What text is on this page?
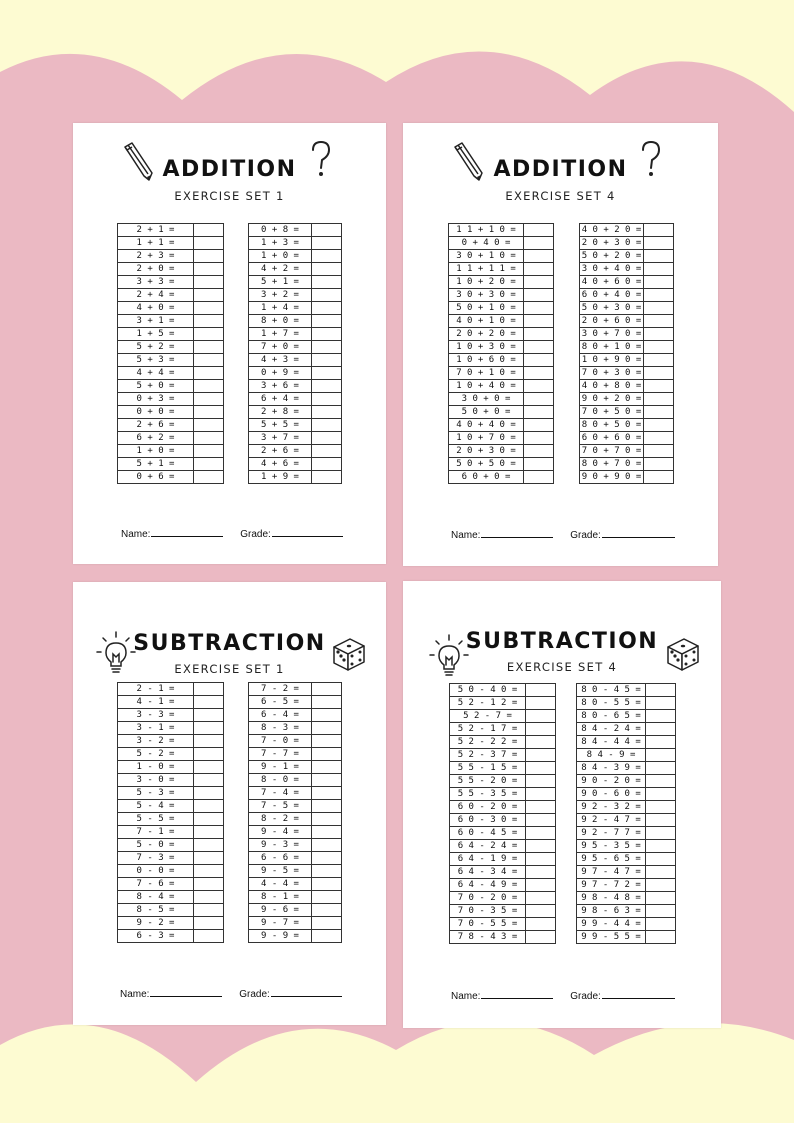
ADDITION
EXERCISE SET 1
2 + 1 =	
1 + 1 =	
2 + 3 =	
2 + 0 =	
3 + 3 =	
2 + 4 =	
4 + 0 =	
3 + 1 =	
1 + 5 =	
5 + 2 =	
5 + 3 =	
4 + 4 =	
5 + 0 =	
0 + 3 =	
0 + 0 =	
2 + 6 =	
6 + 2 =	
1 + 0 =	
5 + 1 =	
0 + 6 =	
0 + 8 =	
1 + 3 =	
1 + 0 =	
4 + 2 =	
5 + 1 =	
3 + 2 =	
1 + 4 =	
8 + 0 =	
1 + 7 =	
7 + 0 =	
4 + 3 =	
0 + 9 =	
3 + 6 =	
6 + 4 =	
2 + 8 =	
5 + 5 =	
3 + 7 =	
2 + 6 =	
4 + 6 =	
1 + 9 =	
Name:	Grade:
ADDITION
EXERCISE SET 4
1 1 + 1 0 =	
0 + 4 0 =	
3 0 + 1 0 =	
1 1 + 1 1 =	
1 0 + 2 0 =	
3 0 + 3 0 =	
5 0 + 1 0 =	
4 0 + 1 0 =	
2 0 + 2 0 =	
1 0 + 3 0 =	
1 0 + 6 0 =	
7 0 + 1 0 =	
1 0 + 4 0 =	
3 0 + 0 =	
5 0 + 0 =	
4 0 + 4 0 =	
1 0 + 7 0 =	
2 0 + 3 0 =	
5 0 + 5 0 =	
6 0 + 0 =	
4 0 + 2 0 =	
2 0 + 3 0 =	
5 0 + 2 0 =	
3 0 + 4 0 =	
4 0 + 6 0 =	
6 0 + 4 0 =	
5 0 + 3 0 =	
2 0 + 6 0 =	
3 0 + 7 0 =	
8 0 + 1 0 =	
1 0 + 9 0 =	
7 0 + 3 0 =	
4 0 + 8 0 =	
9 0 + 2 0 =	
7 0 + 5 0 =	
8 0 + 5 0 =	
6 0 + 6 0 =	
7 0 + 7 0 =	
8 0 + 7 0 =	
9 0 + 9 0 =	
Name:	Grade:
SUBTRACTION
EXERCISE SET 1
2 - 1 =	
4 - 1 =	
3 - 3 =	
3 - 1 =	
3 - 2 =	
5 - 2 =	
1 - 0 =	
3 - 0 =	
5 - 3 =	
5 - 4 =	
5 - 5 =	
7 - 1 =	
5 - 0 =	
7 - 3 =	
0 - 0 =	
7 - 6 =	
8 - 4 =	
8 - 5 =	
9 - 2 =	
6 - 3 =	
7 - 2 =	
6 - 5 =	
6 - 4 =	
8 - 3 =	
7 - 0 =	
7 - 7 =	
9 - 1 =	
8 - 0 =	
7 - 4 =	
7 - 5 =	
8 - 2 =	
9 - 4 =	
9 - 3 =	
6 - 6 =	
9 - 5 =	
4 - 4 =	
8 - 1 =	
9 - 6 =	
9 - 7 =	
9 - 9 =	
Name:	Grade:
SUBTRACTION
EXERCISE SET 4
5 0 - 4 0 =	
5 2 - 1 2 =	
5 2 - 7 =	
5 2 - 1 7 =	
5 2 - 2 2 =	
5 2 - 3 7 =	
5 5 - 1 5 =	
5 5 - 2 0 =	
5 5 - 3 5 =	
6 0 - 2 0 =	
6 0 - 3 0 =	
6 0 - 4 5 =	
6 4 - 2 4 =	
6 4 - 1 9 =	
6 4 - 3 4 =	
6 4 - 4 9 =	
7 0 - 2 0 =	
7 0 - 3 5 =	
7 0 - 5 5 =	
7 8 - 4 3 =	
8 0 - 4 5 =	
8 0 - 5 5 =	
8 0 - 6 5 =	
8 4 - 2 4 =	
8 4 - 4 4 =	
8 4 - 9 =	
8 4 - 3 9 =	
9 0 - 2 0 =	
9 0 - 6 0 =	
9 2 - 3 2 =	
9 2 - 4 7 =	
9 2 - 7 7 =	
9 5 - 3 5 =	
9 5 - 6 5 =	
9 7 - 4 7 =	
9 7 - 7 2 =	
9 8 - 4 8 =	
9 8 - 6 3 =	
9 9 - 4 4 =	
9 9 - 5 5 =	
Name:	Grade:
